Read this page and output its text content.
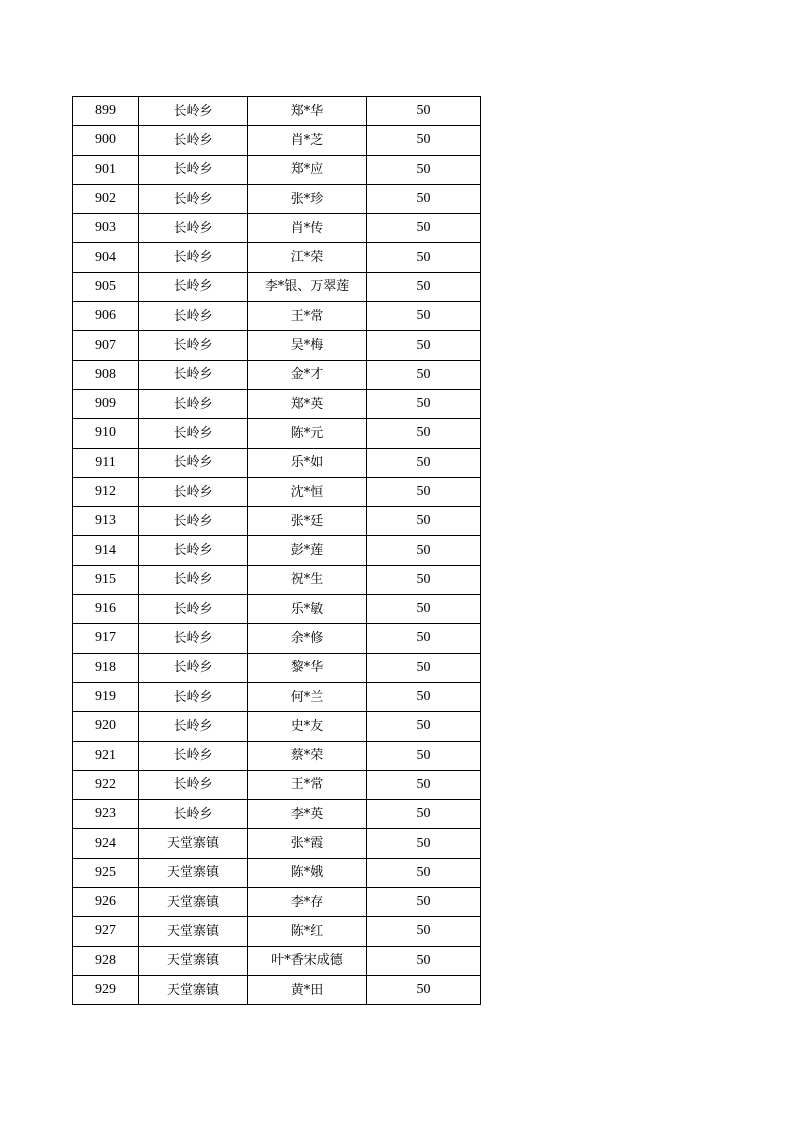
899	长岭乡	郑*华	50
900	长岭乡	肖*芝	50
901	长岭乡	郑*应	50
902	长岭乡	张*珍	50
903	长岭乡	肖*传	50
904	长岭乡	江*荣	50
905	长岭乡	李*银、万翠莲	50
906	长岭乡	王*常	50
907	长岭乡	吴*梅	50
908	长岭乡	金*才	50
909	长岭乡	郑*英	50
910	长岭乡	陈*元	50
911	长岭乡	乐*如	50
912	长岭乡	沈*恒	50
913	长岭乡	张*廷	50
914	长岭乡	彭*莲	50
915	长岭乡	祝*生	50
916	长岭乡	乐*敏	50
917	长岭乡	余*修	50
918	长岭乡	黎*华	50
919	长岭乡	何*兰	50
920	长岭乡	史*友	50
921	长岭乡	蔡*荣	50
922	长岭乡	王*常	50
923	长岭乡	李*英	50
924	天堂寨镇	张*霞	50
925	天堂寨镇	陈*娥	50
926	天堂寨镇	李*存	50
927	天堂寨镇	陈*红	50
928	天堂寨镇	叶*香宋成德	50
929	天堂寨镇	黄*田	50
